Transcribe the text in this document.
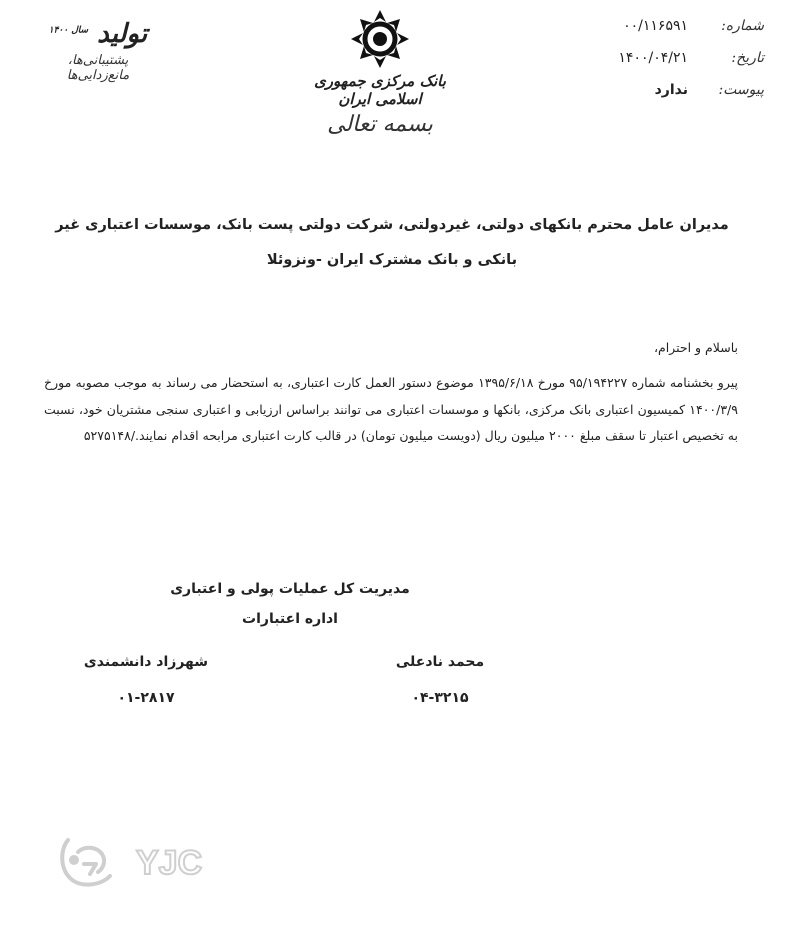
شماره:
۰۰/۱۱۶۵۹۱
تاریخ:
۱۴۰۰/۰۴/۲۱
پیوست:
ندارد
بانک مرکزی جمهوری اسلامی ایران
بسمه تعالی
تولید $^{سال ۱۴۰۰}$
پشتیبانی‌ها، مانع‌زدایی‌ها
مدیران عامل محترم بانکهای دولتی، غیردولتی، شرکت دولتی پست بانک، موسسات اعتباری غیر بانکی و بانک مشترک ایران -ونزوئلا
باسلام و احترام،
پیرو بخشنامه شماره ۹۵/۱۹۴۲۲۷ مورخ ۱۳۹۵/۶/۱۸ موضوع دستور العمل کارت اعتباری، به استحضار می رساند به موجب مصوبه مورخ ۱۴۰۰/۳/۹ کمیسیون اعتباری بانک مرکزی، بانکها و موسسات اعتباری می توانند براساس ارزیابی و اعتباری سنجی مشتریان خود، نسبت به تخصیص اعتبار تا سقف مبلغ ۲۰۰۰ میلیون ریال (دویست میلیون تومان) در قالب کارت اعتباری مرابحه اقدام نمایند./۵۲۷۵۱۴۸
مدیریت کل عملیات پولی و اعتباری
اداره اعتبارات
محمد نادعلی
۰۴-۳۲۱۵
شهرزاد دانشمندی
۰۱-۲۸۱۷
YJC
